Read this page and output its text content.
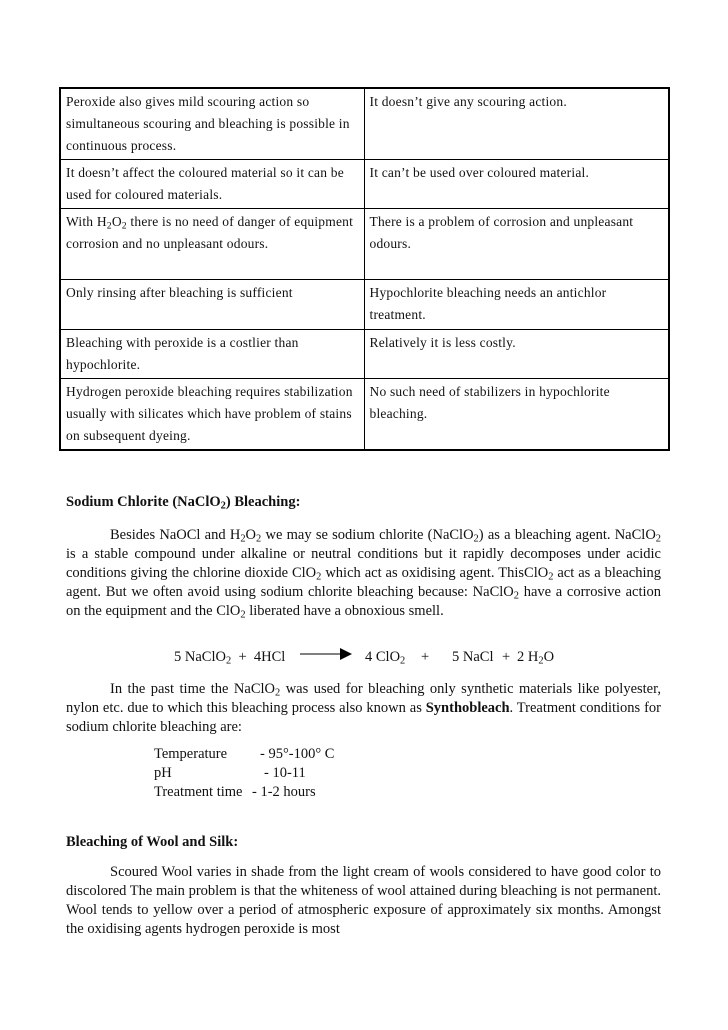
Peroxide also gives mild scouring action so simultaneous scouring and bleaching is possible in continuous process.	It doesn’t give any scouring action.
It doesn’t affect the coloured material so it can be used for coloured materials.	It can’t be used over coloured material.
With $H_2O_2$ there is no need of danger of equipment corrosion and no unpleasant odours.	There is a problem of corrosion and unpleasant odours.
Only rinsing after bleaching is sufficient	Hypochlorite bleaching needs an antichlor treatment.
Bleaching with peroxide is a costlier than hypochlorite.	Relatively it is less costly.
Hydrogen peroxide bleaching requires stabilization usually with silicates which have problem of stains on subsequent dyeing.	No such need of stabilizers in hypochlorite bleaching.
Sodium Chlorite (NaClO$_2$) Bleaching:
Besides NaOCl and $H_2O_2$ we may se sodium chlorite (NaClO$_2$) as a bleaching agent. NaClO$_2$ is a stable compound under alkaline or neutral conditions but it rapidly decomposes under acidic conditions giving the chlorine dioxide ClO$_2$ which act as oxidising agent. ThisClO$_2$ act as a bleaching agent. But we often avoid using sodium chlorite bleaching because: NaClO$_2$ have a corrosive action on the equipment and the ClO$_2$ liberated have a obnoxious smell.
5 NaClO$_2$  +  4HCl → 4 ClO$_2$ + 5 NaCl + 2 $H_2O$
In the past time the NaClO$_2$ was used for bleaching only synthetic materials like polyester, nylon etc. due to which this bleaching process also known as Synthobleach. Treatment conditions for sodium chlorite bleaching are:
Temperature - 95°-100° C
pH	- 10-11
Treatment time - 1-2 hours
Bleaching of Wool and Silk:
Scoured Wool varies in shade from the light cream of wools considered to have good color to discolored The main problem is that the whiteness of wool attained during bleaching is not permanent. Wool tends to yellow over a period of atmospheric exposure of approximately six months. Amongst the oxidising agents hydrogen peroxide is most
